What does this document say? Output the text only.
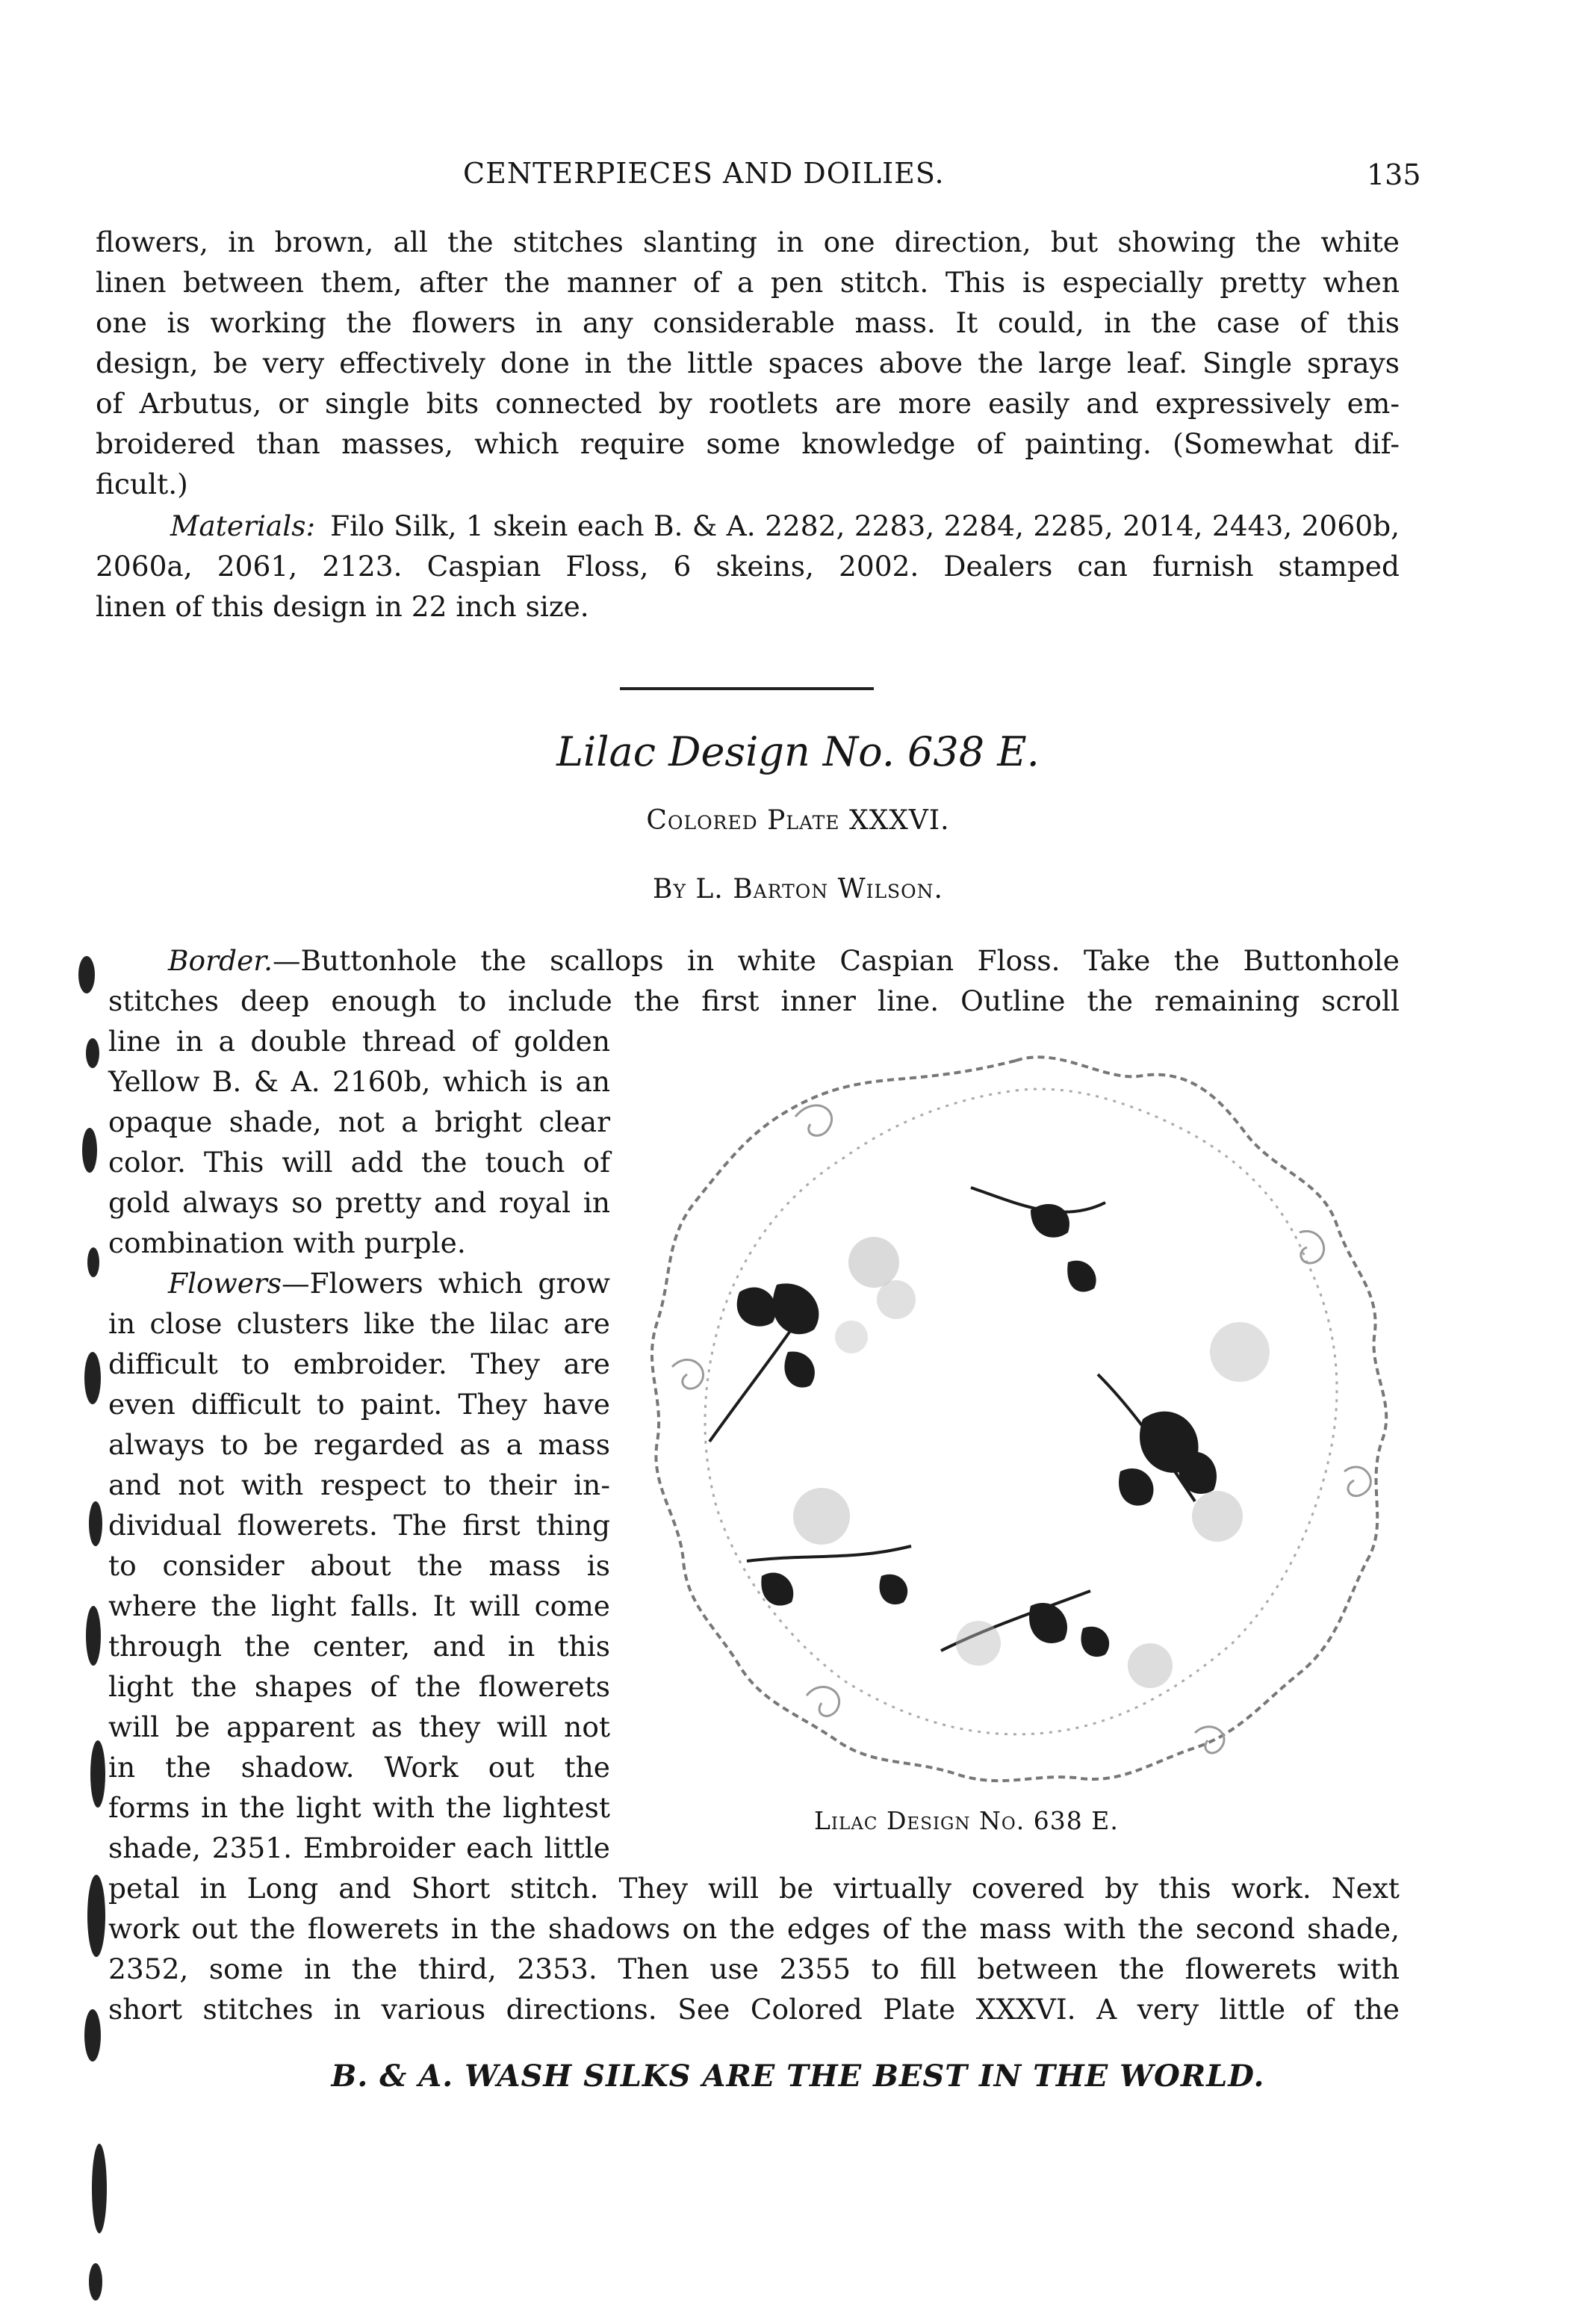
CENTERPIECES AND DOILIES.	135
flowers, in brown, all the stitches slanting in one direction, but showing the white
linen between them, after the manner of a pen stitch. This is especially pretty when
one is working the flowers in any considerable mass. It could, in the case of this
design, be very effectively done in the little spaces above the large leaf. Single sprays
of Arbutus, or single bits connected by rootlets are more easily and expressively em-
broidered than masses, which require some knowledge of painting. (Somewhat dif-
ficult.)
Materials: Filo Silk, 1 skein each B. & A. 2282, 2283, 2284, 2285, 2014, 2443, 2060b,
2060a, 2061, 2123. Caspian Floss, 6 skeins, 2002. Dealers can furnish stamped
linen of this design in 22 inch size.
Lilac Design No. 638 E.
Colored Plate XXXVI.
By L. Barton Wilson.
Border. —Buttonhole the scallops in white Caspian Floss. Take the Buttonhole
stitches deep enough to include the first inner line. Outline the remaining scroll
line in a double thread of golden
Yellow B. & A. 2160b, which is an
opaque shade, not a bright clear
color. This will add the touch of
gold always so pretty and royal in
combination with purple.
Flowers —Flowers which grow
in close clusters like the lilac are
difficult to embroider. They are
even difficult to paint. They have
always to be regarded as a mass
and not with respect to their in-
dividual flowerets. The first thing
to consider about the mass is
where the light falls. It will come
through the center, and in this
light the shapes of the flowerets
will be apparent as they will not
in the shadow. Work out the
forms in the light with the lightest
shade, 2351. Embroider each little
petal in Long and Short stitch. They will be virtually covered by this work. Next
work out the flowerets in the shadows on the edges of the mass with the second shade,
2352, some in the third, 2353. Then use 2355 to fill between the flowerets with
short stitches in various directions. See Colored Plate XXXVI. A very little of the
Lilac Design No. 638 E.
B. & A. WASH SILKS ARE THE BEST IN THE WORLD.
